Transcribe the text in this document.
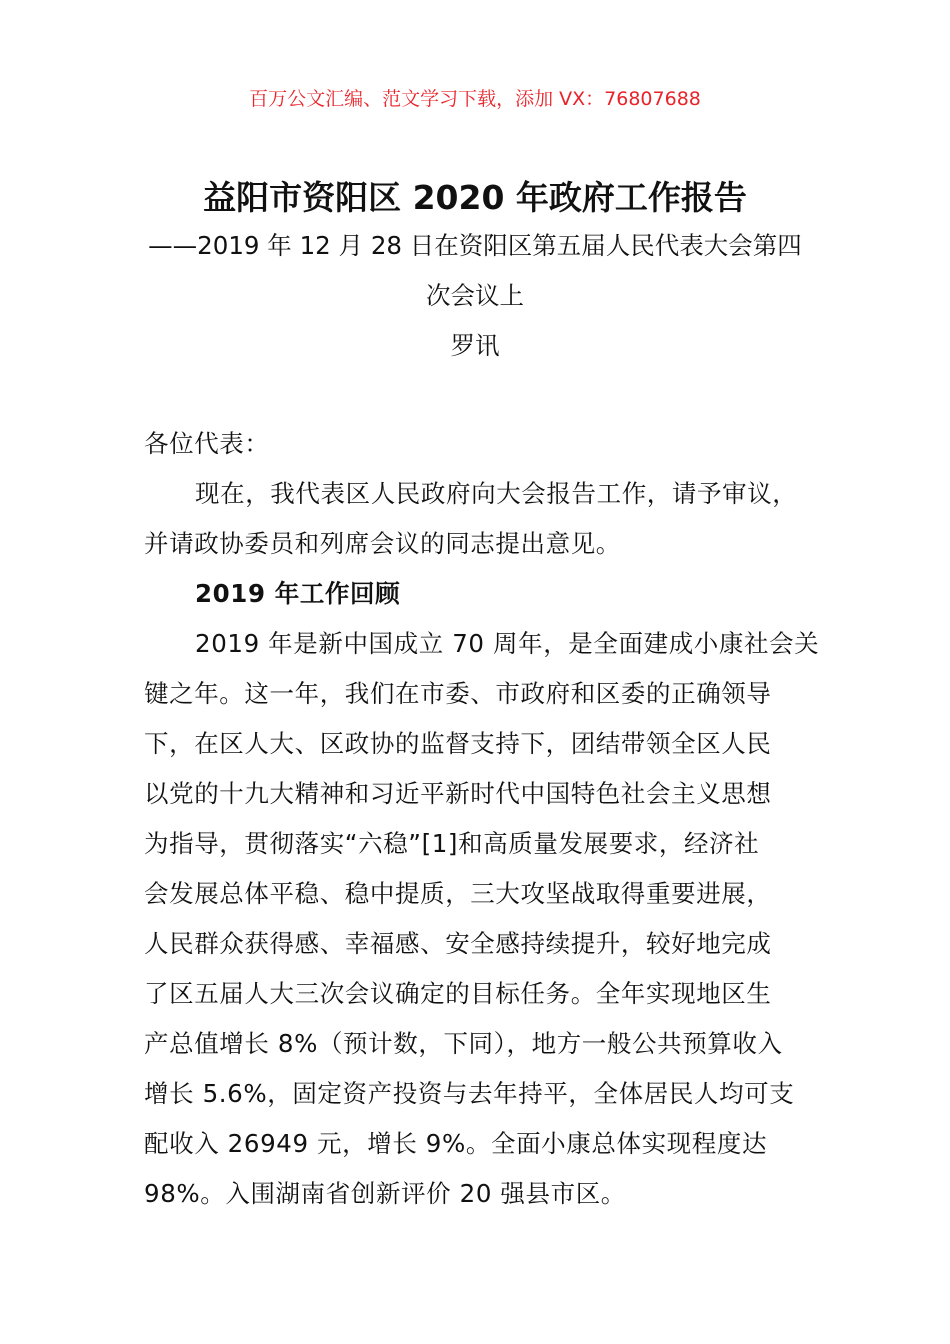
百万公文汇编、范文学习下载，添加 VX：76807688
益阳市资阳区 2020 年政府工作报告
——2019 年 12 月 28 日在资阳区第五届人民代表大会第四
次会议上
罗讯
各位代表：
现在，我代表区人民政府向大会报告工作，请予审议，
并请政协委员和列席会议的同志提出意见。
2019 年工作回顾
2019 年是新中国成立 70 周年，是全面建成小康社会关
键之年。这一年，我们在市委、市政府和区委的正确领导
下，在区人大、区政协的监督支持下，团结带领全区人民
以党的十九大精神和习近平新时代中国特色社会主义思想
为指导，贯彻落实“六稳”[1]和高质量发展要求，经济社
会发展总体平稳、稳中提质，三大攻坚战取得重要进展，
人民群众获得感、幸福感、安全感持续提升，较好地完成
了区五届人大三次会议确定的目标任务。全年实现地区生
产总值增长 8%（预计数，下同），地方一般公共预算收入
增长 5.6%，固定资产投资与去年持平，全体居民人均可支
配收入 26949 元，增长 9%。全面小康总体实现程度达
98%。入围湖南省创新评价 20 强县市区。
